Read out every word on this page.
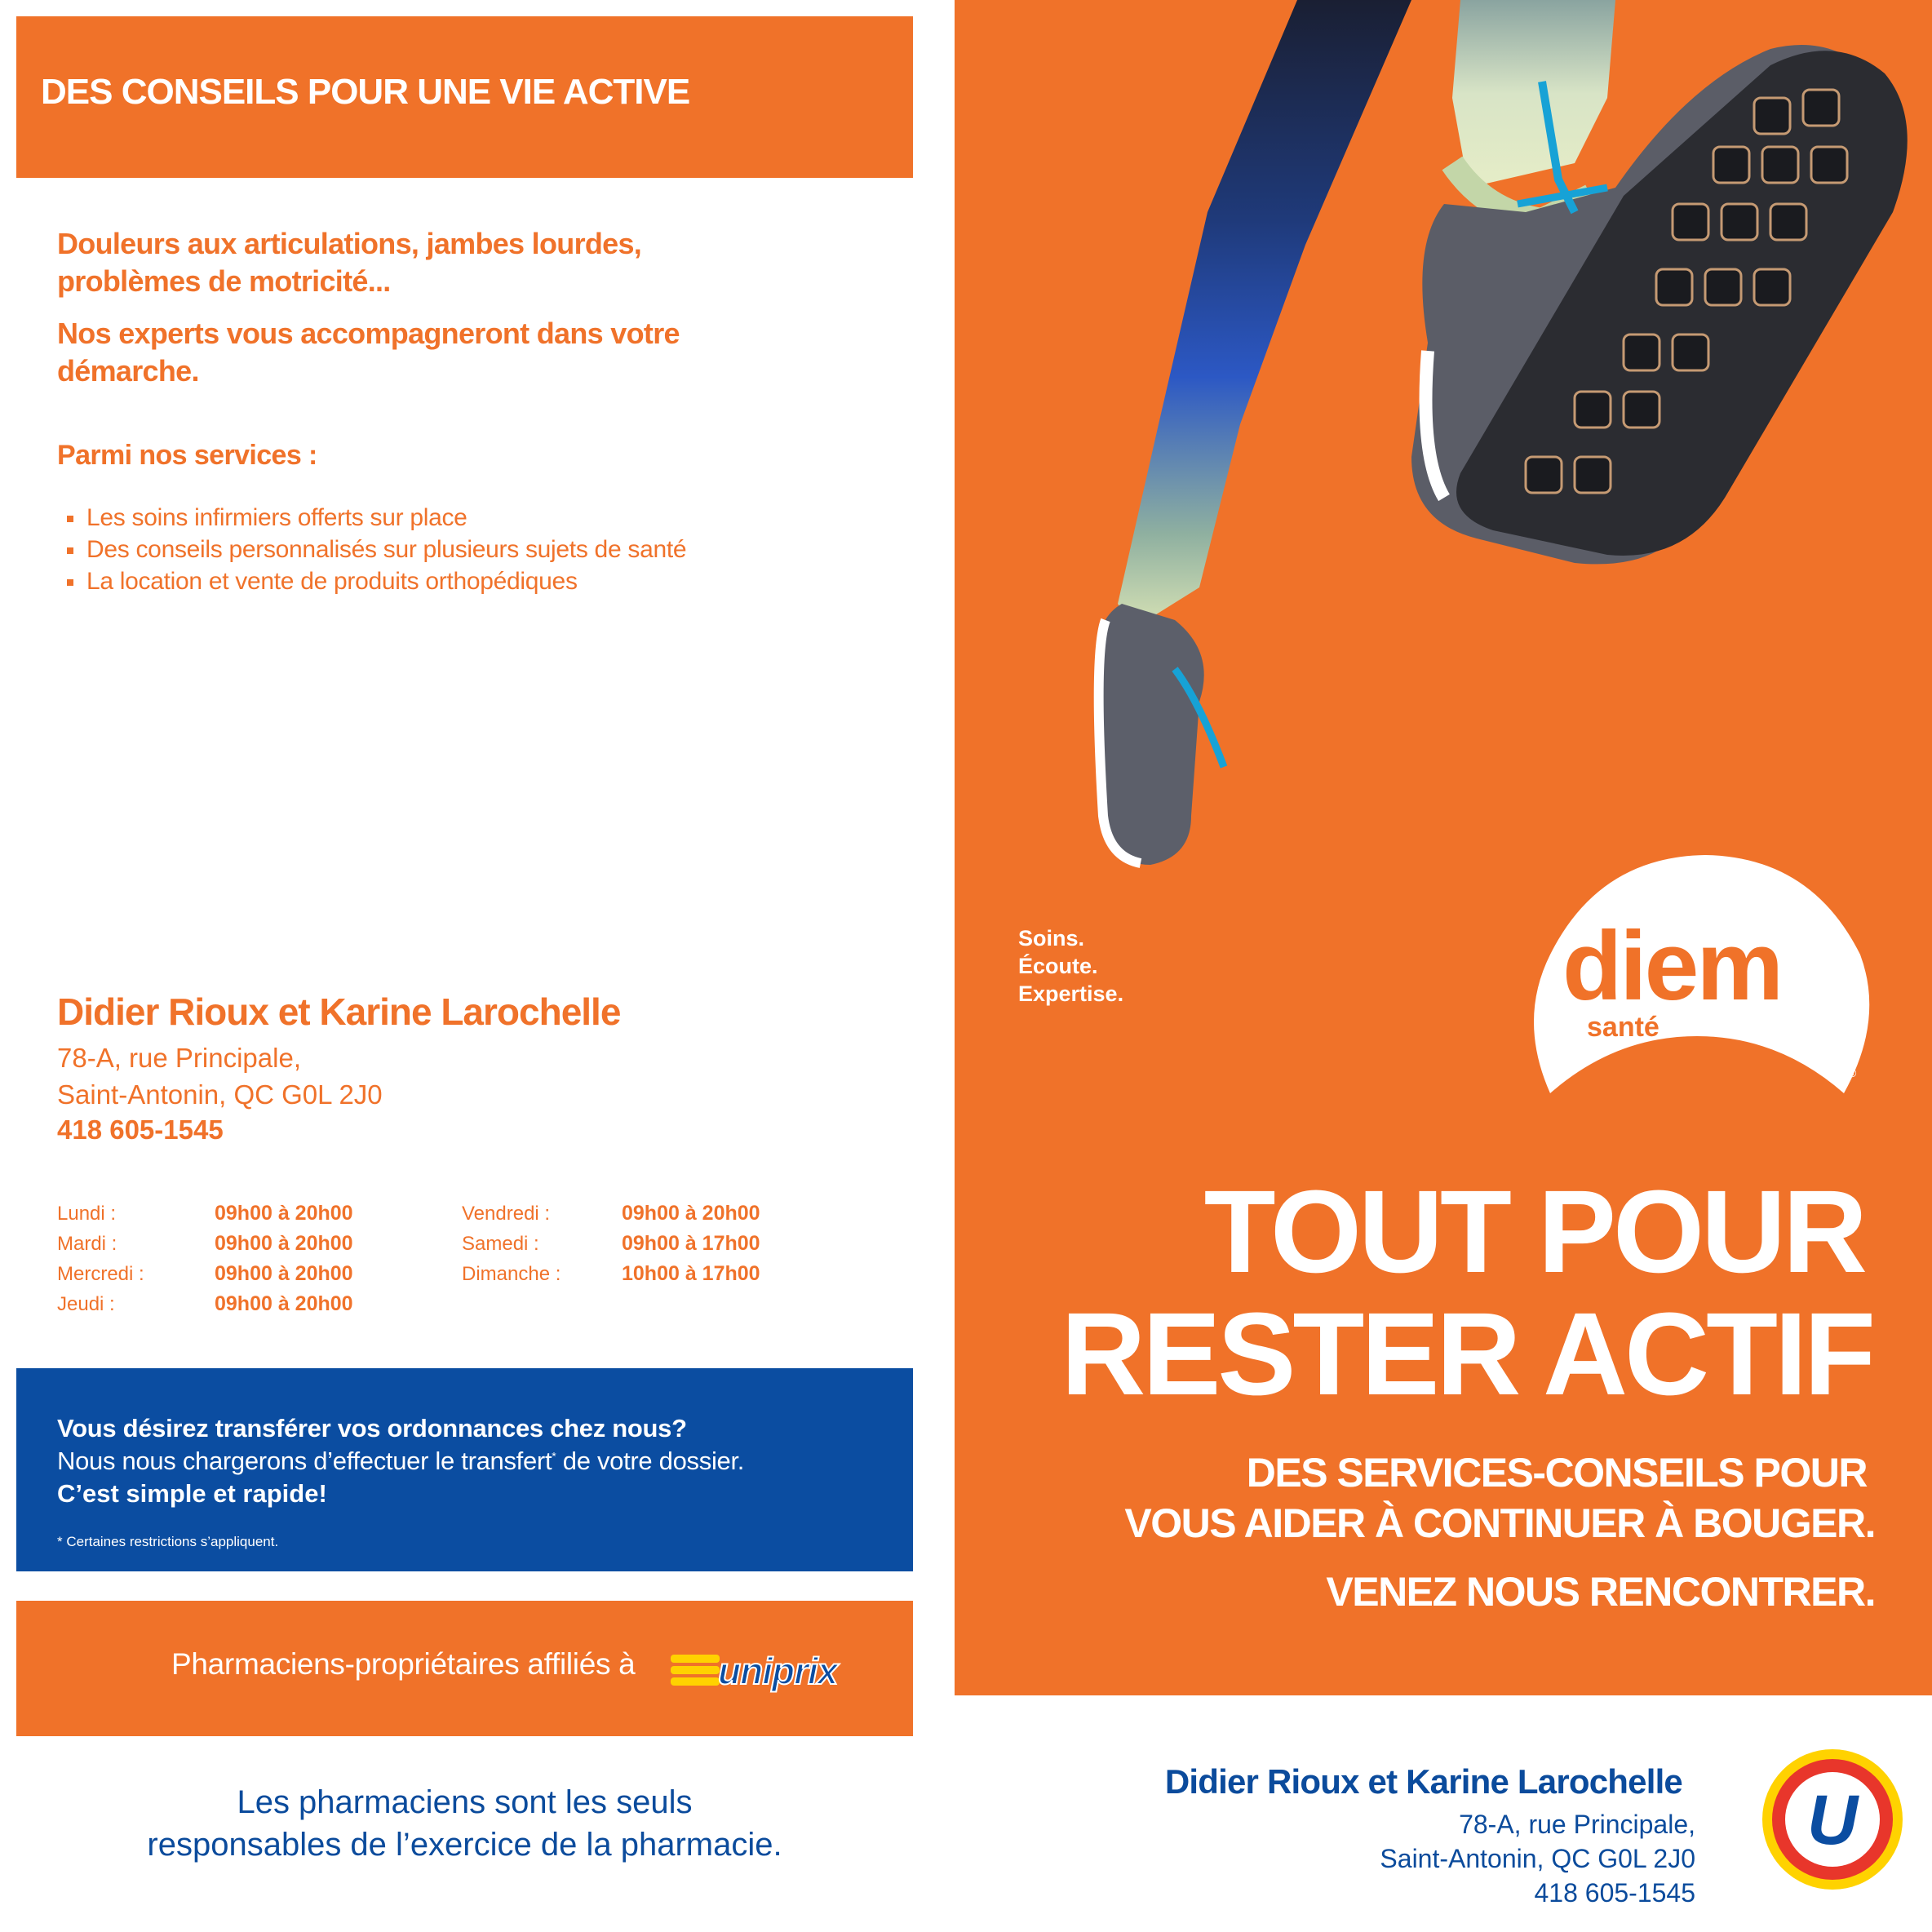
DES CONSEILS POUR UNE VIE ACTIVE
Douleurs aux articulations, jambes lourdes, problèmes de motricité...
Nos experts vous accompagneront dans votre démarche.
Parmi nos services :
Les soins infirmiers offerts sur place
Des conseils personnalisés sur plusieurs sujets de santé
La location et vente de produits orthopédiques
Didier Rioux et Karine Larochelle
78-A, rue Principale,
Saint-Antonin, QC G0L 2J0
418 605-1545
Lundi :	09h00 à 20h00
Mardi :	09h00 à 20h00
Mercredi :	09h00 à 20h00
Jeudi :	09h00 à 20h00
Vendredi :	09h00 à 20h00
Samedi :	09h00 à 17h00
Dimanche :	10h00 à 17h00
Vous désirez transférer vos ordonnances chez nous?
Nous nous chargerons d’effectuer le transfert* de votre dossier.
C’est simple et rapide!
* Certaines restrictions s’appliquent.
Pharmaciens-propriétaires affiliés à uniprix
Les pharmaciens sont les seuls
responsables de l’exercice de la pharmacie.
Soins.
Écoute.
Expertise.	diem
santé
®
TOUT POUR
RESTER ACTIF
DES SERVICES-CONSEILS POUR
VOUS AIDER À CONTINUER À BOUGER.
VENEZ NOUS RENCONTRER.
Didier Rioux et Karine Larochelle
78-A, rue Principale,
Saint-Antonin, QC G0L 2J0
418 605-1545
U
